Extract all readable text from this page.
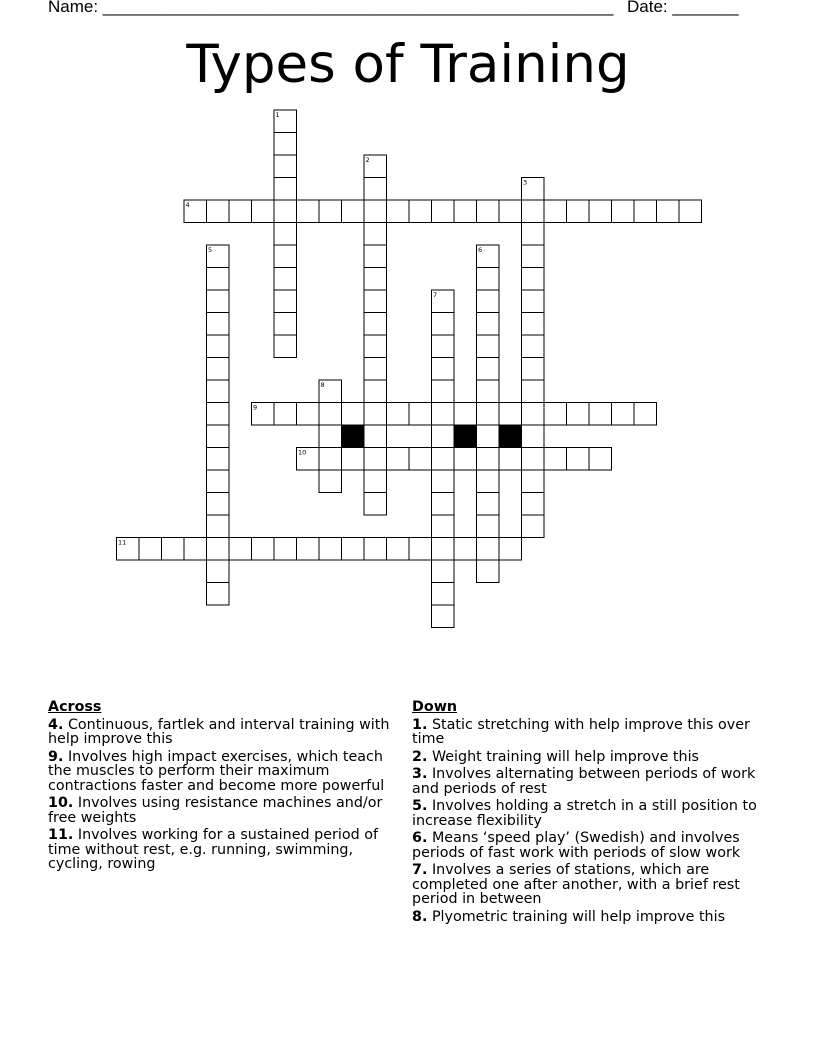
Name: ______________________________________________________ Date: _______
Types of Training
1
2
3
4
5	6
7
8
9
10
11
Across
4. Continuous, fartlek and interval training with help improve this
9. Involves high impact exercises, which teach the muscles to perform their maximum contractions faster and become more powerful
10. Involves using resistance machines and/or free weights
11. Involves working for a sustained period of time without rest, e.g. running, swimming, cycling, rowing
Down
1. Static stretching with help improve this over time
2. Weight training will help improve this
3. Involves alternating between periods of work and periods of rest
5. Involves holding a stretch in a still position to increase flexibility
6. Means ‘speed play’ (Swedish) and involves periods of fast work with periods of slow work
7. Involves a series of stations, which are completed one after another, with a brief rest period in between
8. Plyometric training will help improve this
